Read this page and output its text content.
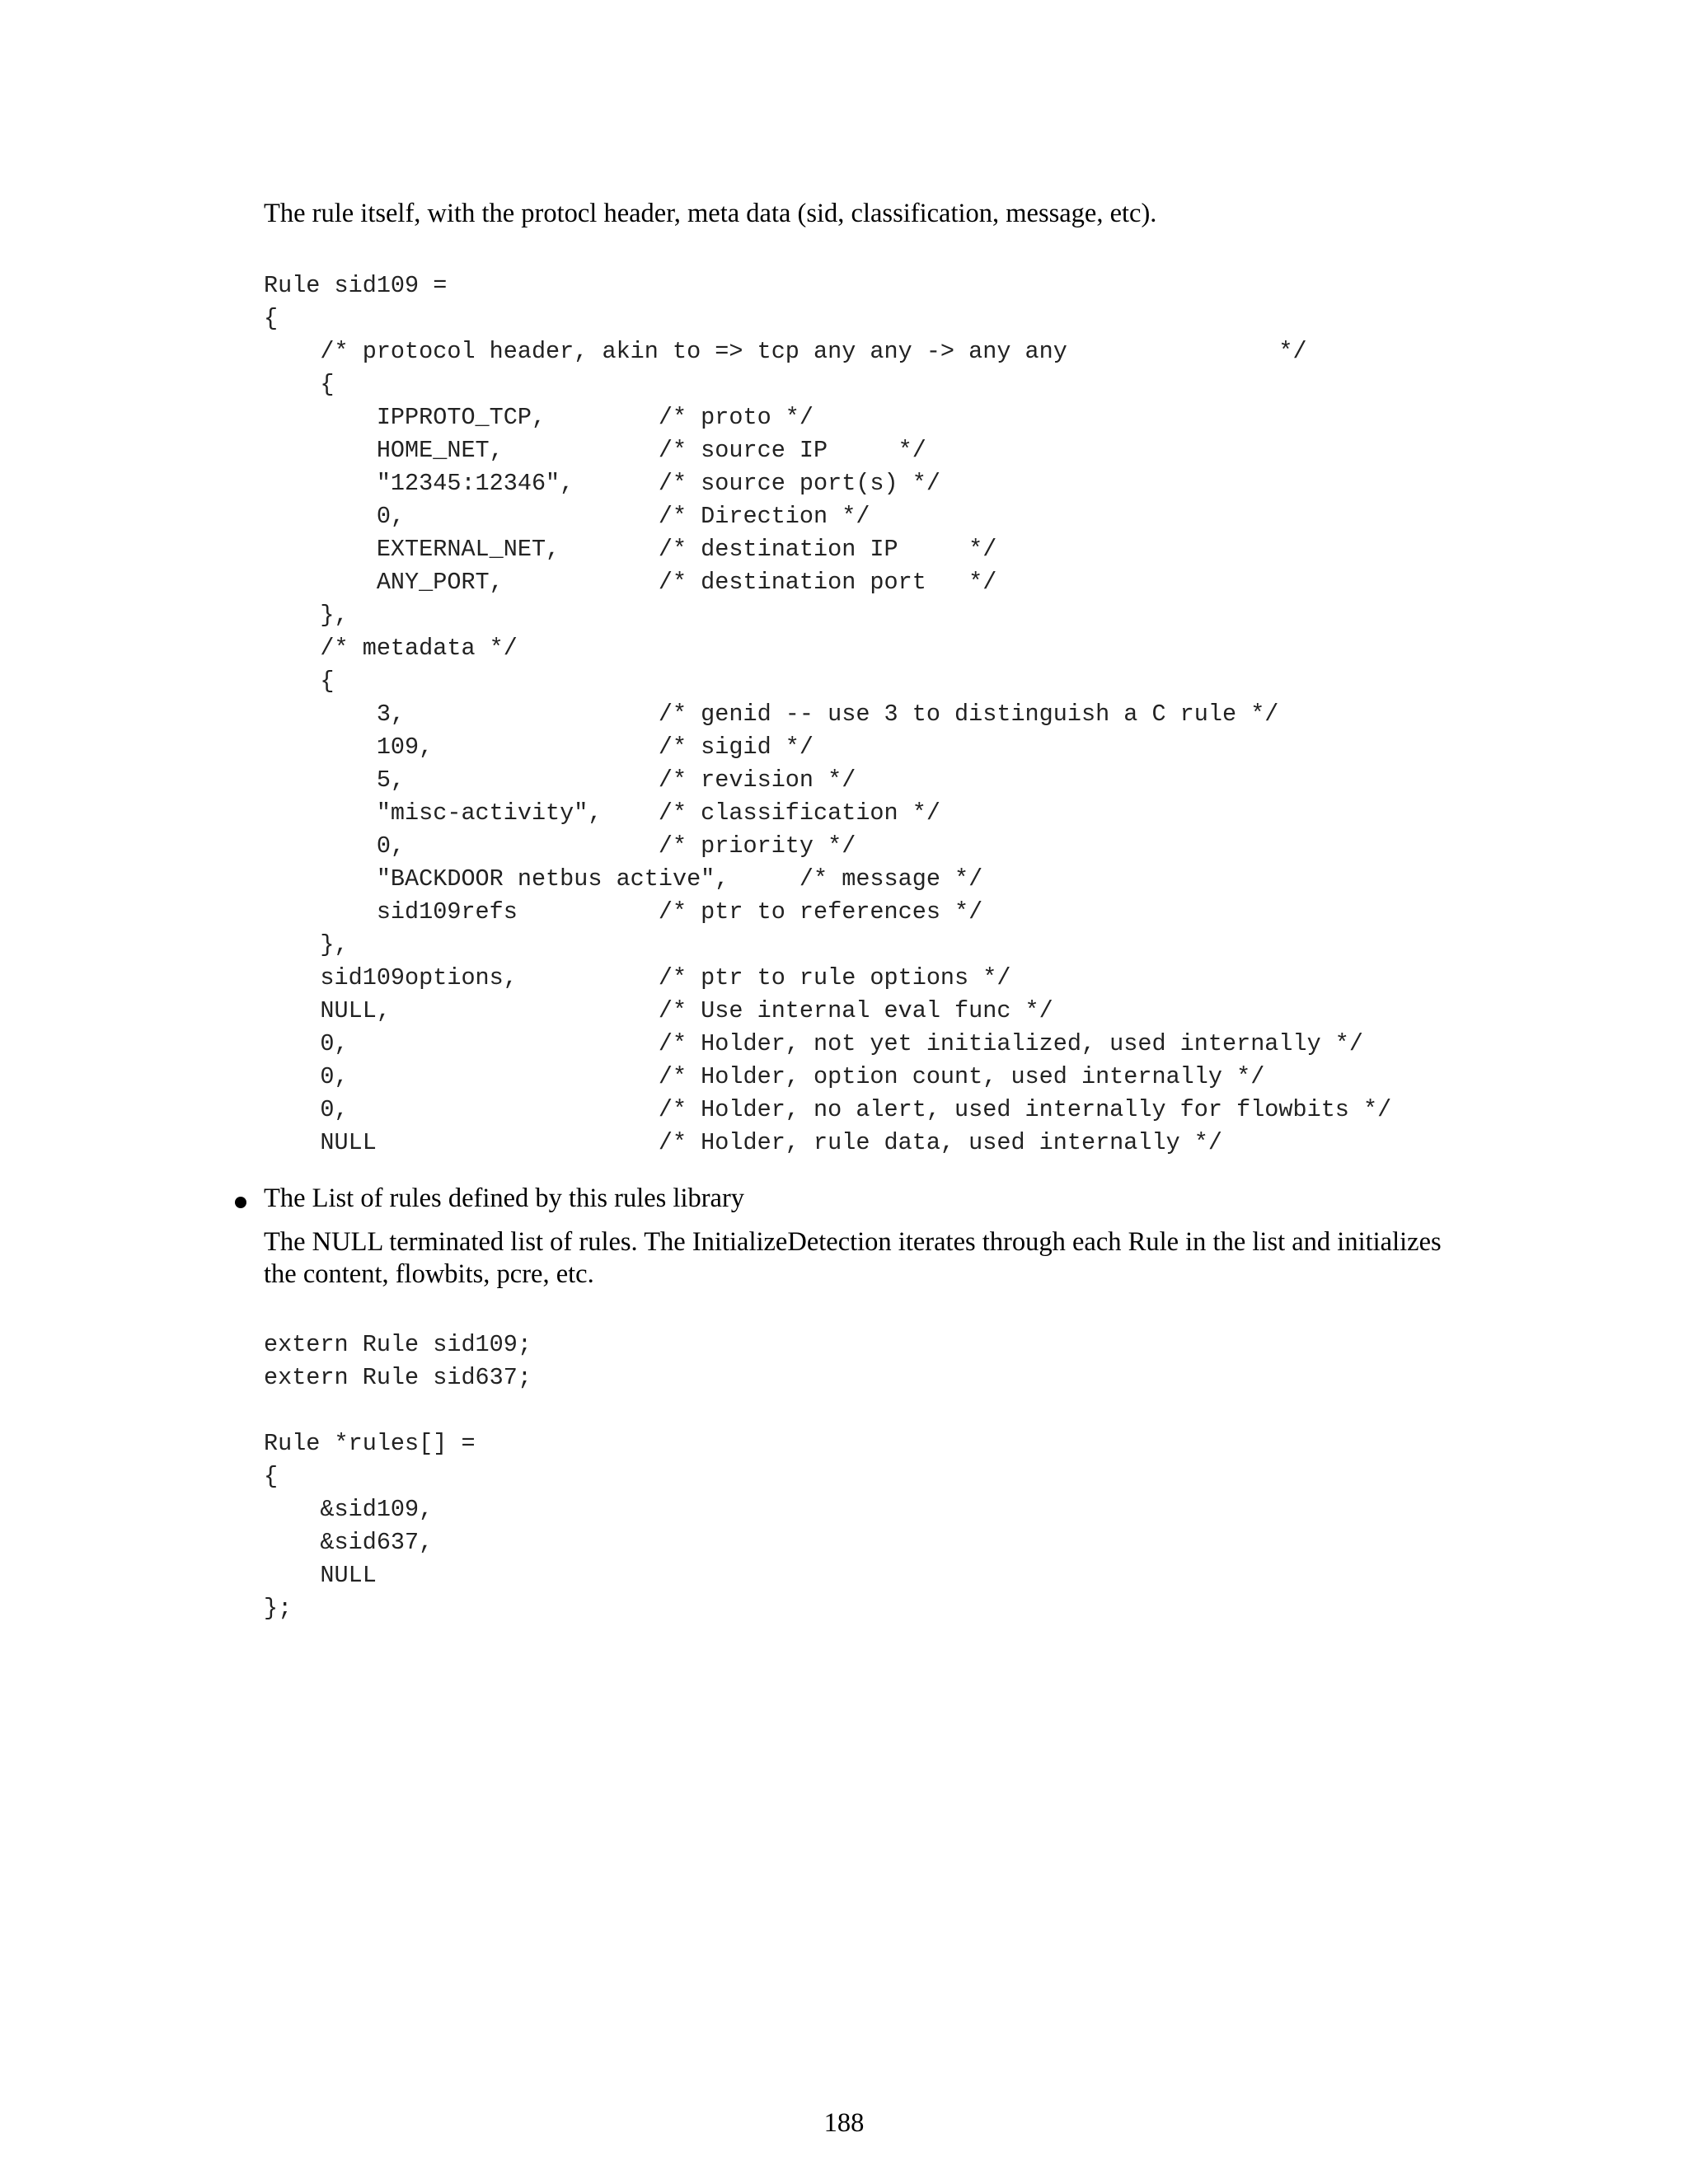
The rule itself, with the protocl header, meta data (sid, classification, message, etc).
Rule sid109 =
{
/* protocol header, akin to => tcp any any -> any any               */
{
IPPROTO_TCP,        /* proto */
HOME_NET,           /* source IP     */
"12345:12346",      /* source port(s) */
0,                  /* Direction */
EXTERNAL_NET,       /* destination IP     */
ANY_PORT,           /* destination port   */
},
/* metadata */
{
3,                  /* genid -- use 3 to distinguish a C rule */
109,                /* sigid */
5,                  /* revision */
"misc-activity",    /* classification */
0,                  /* priority */
"BACKDOOR netbus active",     /* message */
sid109refs          /* ptr to references */
},
sid109options,          /* ptr to rule options */
NULL,                   /* Use internal eval func */
0,                      /* Holder, not yet initialized, used internally */
0,                      /* Holder, option count, used internally */
0,                      /* Holder, no alert, used internally for flowbits */
NULL                    /* Holder, rule data, used internally */
The List of rules defined by this rules library
The NULL terminated list of rules. The InitializeDetection iterates through each Rule in the list and initializes
the content, flowbits, pcre, etc.
extern Rule sid109;
extern Rule sid637;
Rule *rules[] =
{
&sid109,
&sid637,
NULL
};
188
